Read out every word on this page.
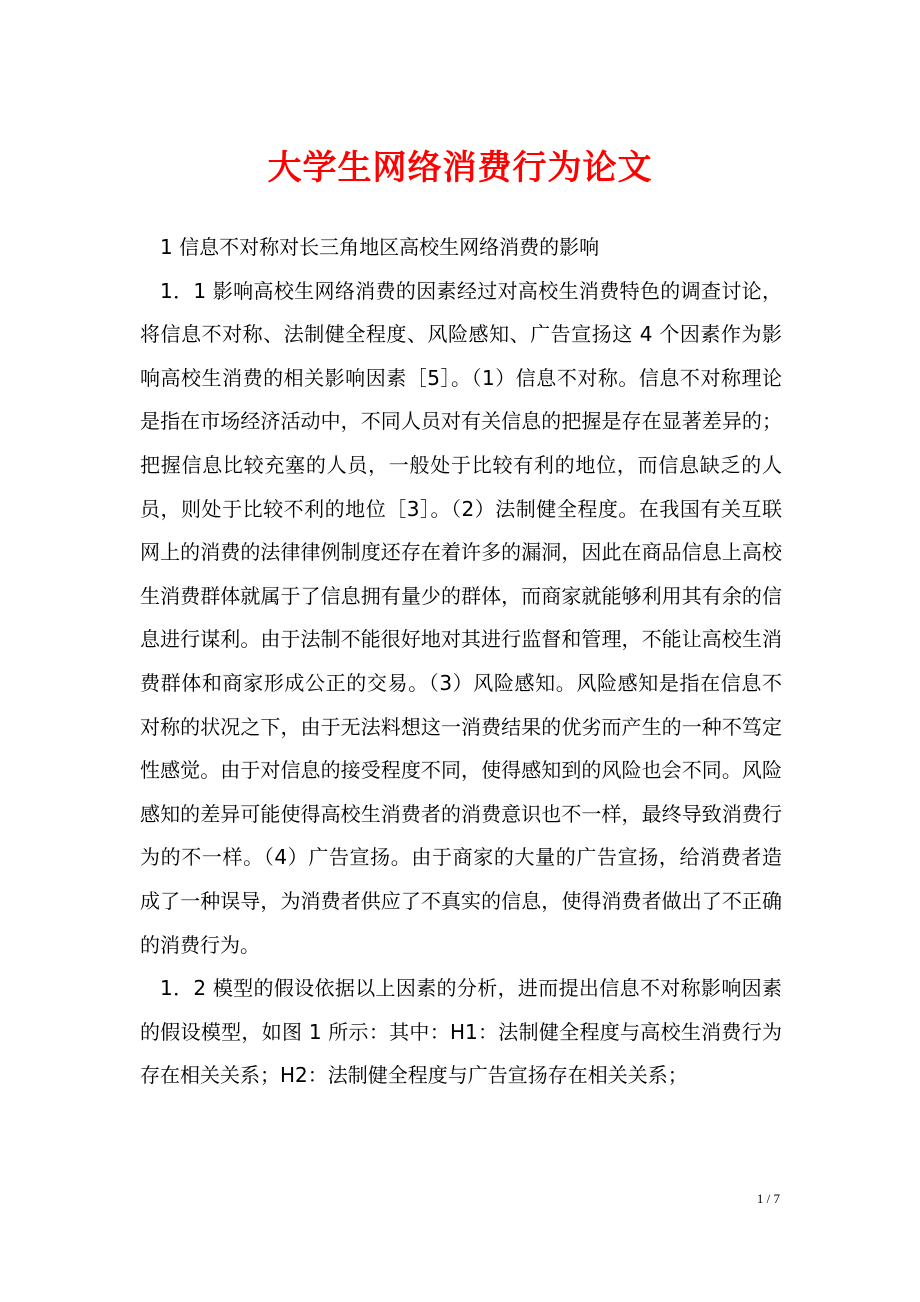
大学生网络消费行为论文

1 信息不对称对长三角地区高校生网络消费的影响

1．1 影响高校生网络消费的因素经过对高校生消费特色的调查讨论，将信息不对称、法制健全程度、风险感知、广告宣扬这 4 个因素作为影响高校生消费的相关影响因素［5］。（1）信息不对称。信息不对称理论是指在市场经济活动中，不同人员对有关信息的把握是存在显著差异的；把握信息比较充塞的人员，一般处于比较有利的地位，而信息缺乏的人员，则处于比较不利的地位［3］。（2）法制健全程度。在我国有关互联网上的消费的法律律例制度还存在着许多的漏洞，因此在商品信息上高校生消费群体就属于了信息拥有量少的群体，而商家就能够利用其有余的信息进行谋利。由于法制不能很好地对其进行监督和管理，不能让高校生消费群体和商家形成公正的交易。（3）风险感知。风险感知是指在信息不对称的状况之下，由于无法料想这一消费结果的优劣而产生的一种不笃定性感觉。由于对信息的接受程度不同，使得感知到的风险也会不同。风险感知的差异可能使得高校生消费者的消费意识也不一样，最终导致消费行为的不一样。（4）广告宣扬。由于商家的大量的广告宣扬，给消费者造成了一种误导，为消费者供应了不真实的信息，使得消费者做出了不正确的消费行为。

1．2 模型的假设依据以上因素的分析，进而提出信息不对称影响因素的假设模型，如图 1 所示：其中：H1：法制健全程度与高校生消费行为存在相关关系；H2：法制健全程度与广告宣扬存在相关关系；

1 / 7
